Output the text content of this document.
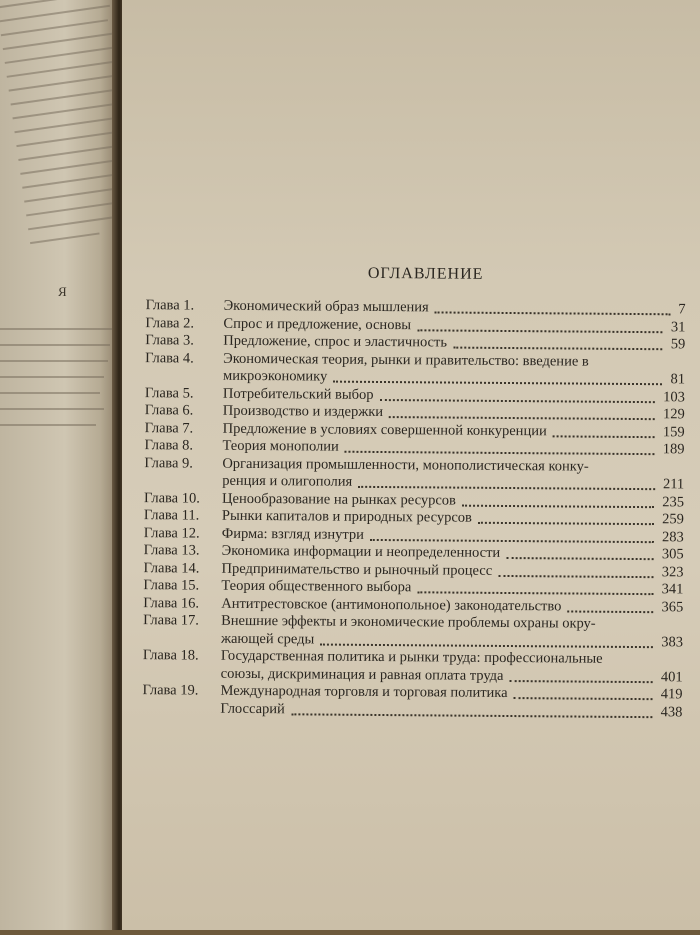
Я
ОГЛАВЛЕНИЕ
Глава 1. Экономический образ мышления	7
Глава 2. Спрос и предложение, основы	31
Глава 3. Предложение, спрос и эластичность	59
Глава 4. Экономическая теория, рынки и правительство: введение в
микроэкономику	81
Глава 5. Потребительский выбор	103
Глава 6. Производство и издержки	129
Глава 7. Предложение в условиях совершенной конкуренции	159
Глава 8. Теория монополии	189
Глава 9. Организация промышленности, монополистическая конку-
ренция и олигополия	211
Глава 10. Ценообразование на рынках ресурсов	235
Глава 11. Рынки капиталов и природных ресурсов	259
Глава 12. Фирма: взгляд изнутри	283
Глава 13. Экономика информации и неопределенности	305
Глава 14. Предпринимательство и рыночный процесс	323
Глава 15. Теория общественного выбора	341
Глава 16. Антитрестовское (антимонопольное) законодательство	365
Глава 17. Внешние эффекты и экономические проблемы охраны окру-
жающей среды	383
Глава 18. Государственная политика и рынки труда: профессиональные
союзы, дискриминация и равная оплата труда	401
Глава 19. Международная торговля и торговая политика	419
Глоссарий	438
